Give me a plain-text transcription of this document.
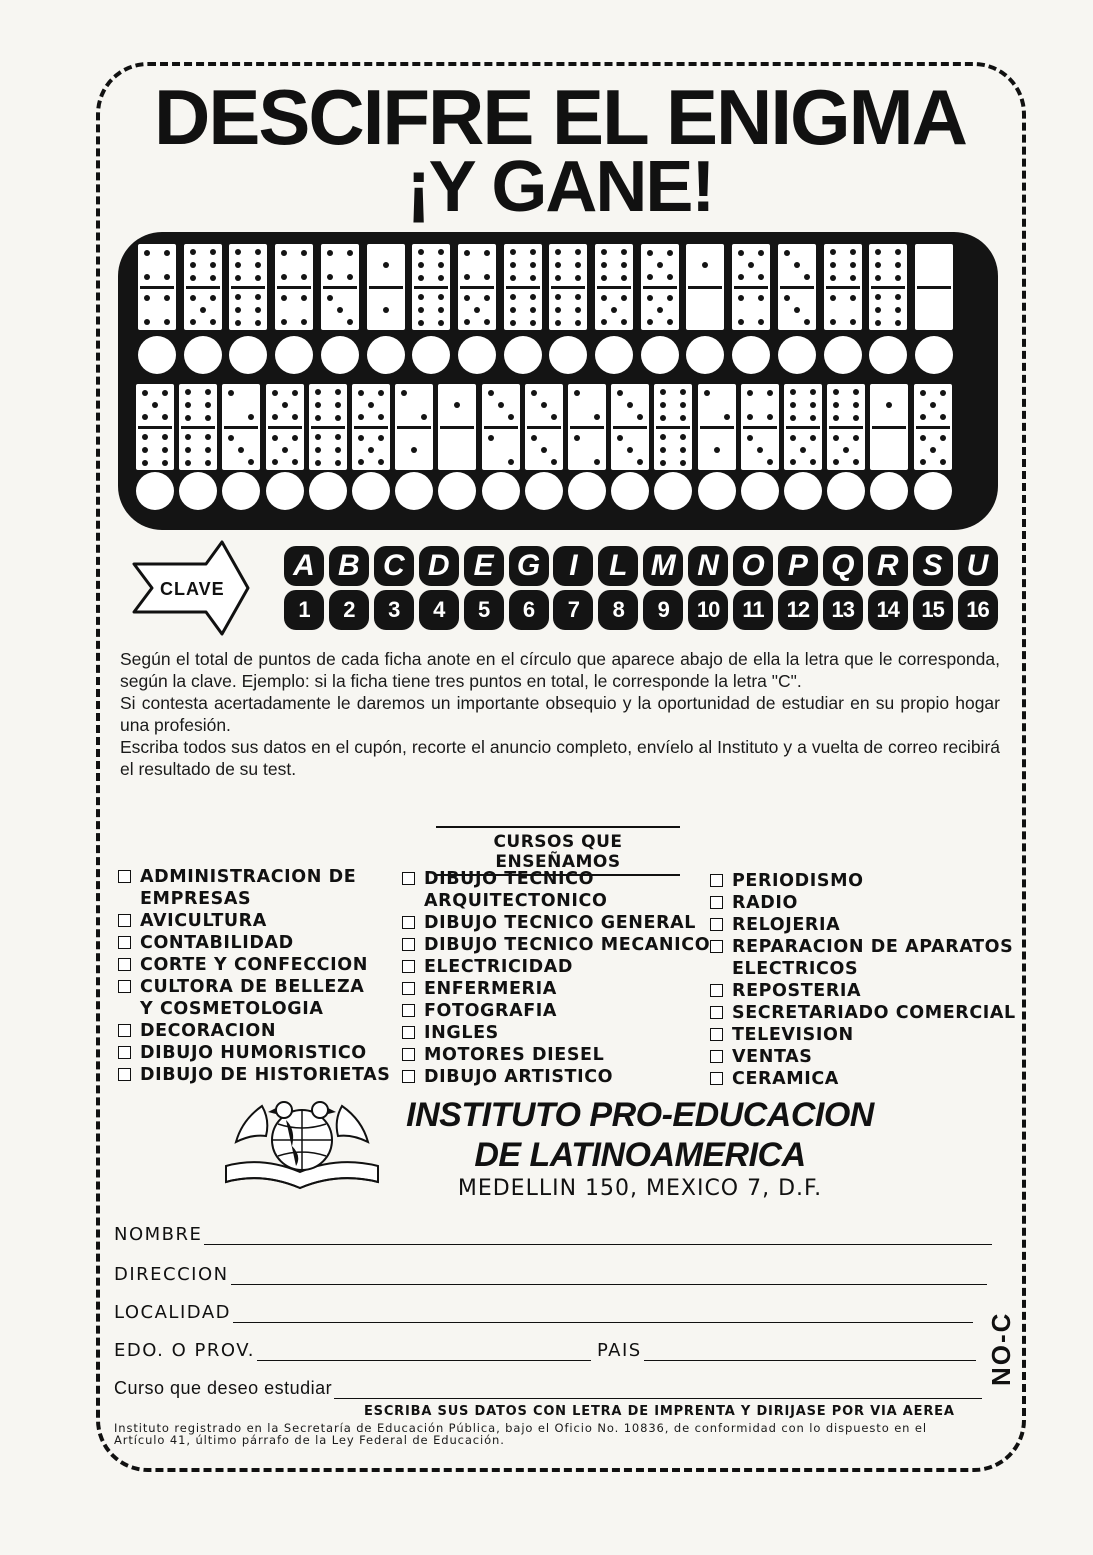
DESCIFRE EL ENIGMA
¡Y GANE!
CLAVE
A B C D E G I L M N O P Q R S U
1 2 3 4 5 6 7 8 9 10 11 12 13 14 15 16

Según el total de puntos de cada ficha anote en el círculo que aparece abajo de ella la letra que le corresponda, según la clave. Ejemplo: si la ficha tiene tres puntos en total, le corresponde la letra "C".

Si contesta acertadamente le daremos un importante obsequio y la oportunidad de estudiar en su propio hogar una profesión.

Escriba todos sus datos en el cupón, recorte el anuncio completo, envíelo al Instituto y a vuelta de correo recibirá el resultado de su test.

CURSOS QUE ENSEÑAMOS
ADMINISTRACION DE
EMPRESAS
AVICULTURA
CONTABILIDAD
CORTE Y CONFECCION
CULTORA DE BELLEZA
Y COSMETOLOGIA
DECORACION
DIBUJO HUMORISTICO
DIBUJO DE HISTORIETAS
DIBUJO TECNICO
ARQUITECTONICO
DIBUJO TECNICO GENERAL
DIBUJO TECNICO MECANICO
ELECTRICIDAD
ENFERMERIA
FOTOGRAFIA
INGLES
MOTORES DIESEL
DIBUJO ARTISTICO
PERIODISMO
RADIO
RELOJERIA
REPARACION DE APARATOS
ELECTRICOS
REPOSTERIA
SECRETARIADO COMERCIAL
TELEVISION
VENTAS
CERAMICA
INSTITUTO PRO-EDUCACION
DE LATINOAMERICA
MEDELLIN 150, MEXICO 7, D.F.
NOMBRE
DIRECCION
LOCALIDAD
EDO. O PROV.	PAIS
Curso que deseo estudiar
ESCRIBA SUS DATOS CON LETRA DE IMPRENTA Y DIRIJASE POR VIA AEREA
Instituto registrado en la Secretaría de Educación Pública, bajo el Oficio No. 10836, de conformidad con lo dispuesto en el
Artículo 41, último párrafo de la Ley Federal de Educación.
NO-C
